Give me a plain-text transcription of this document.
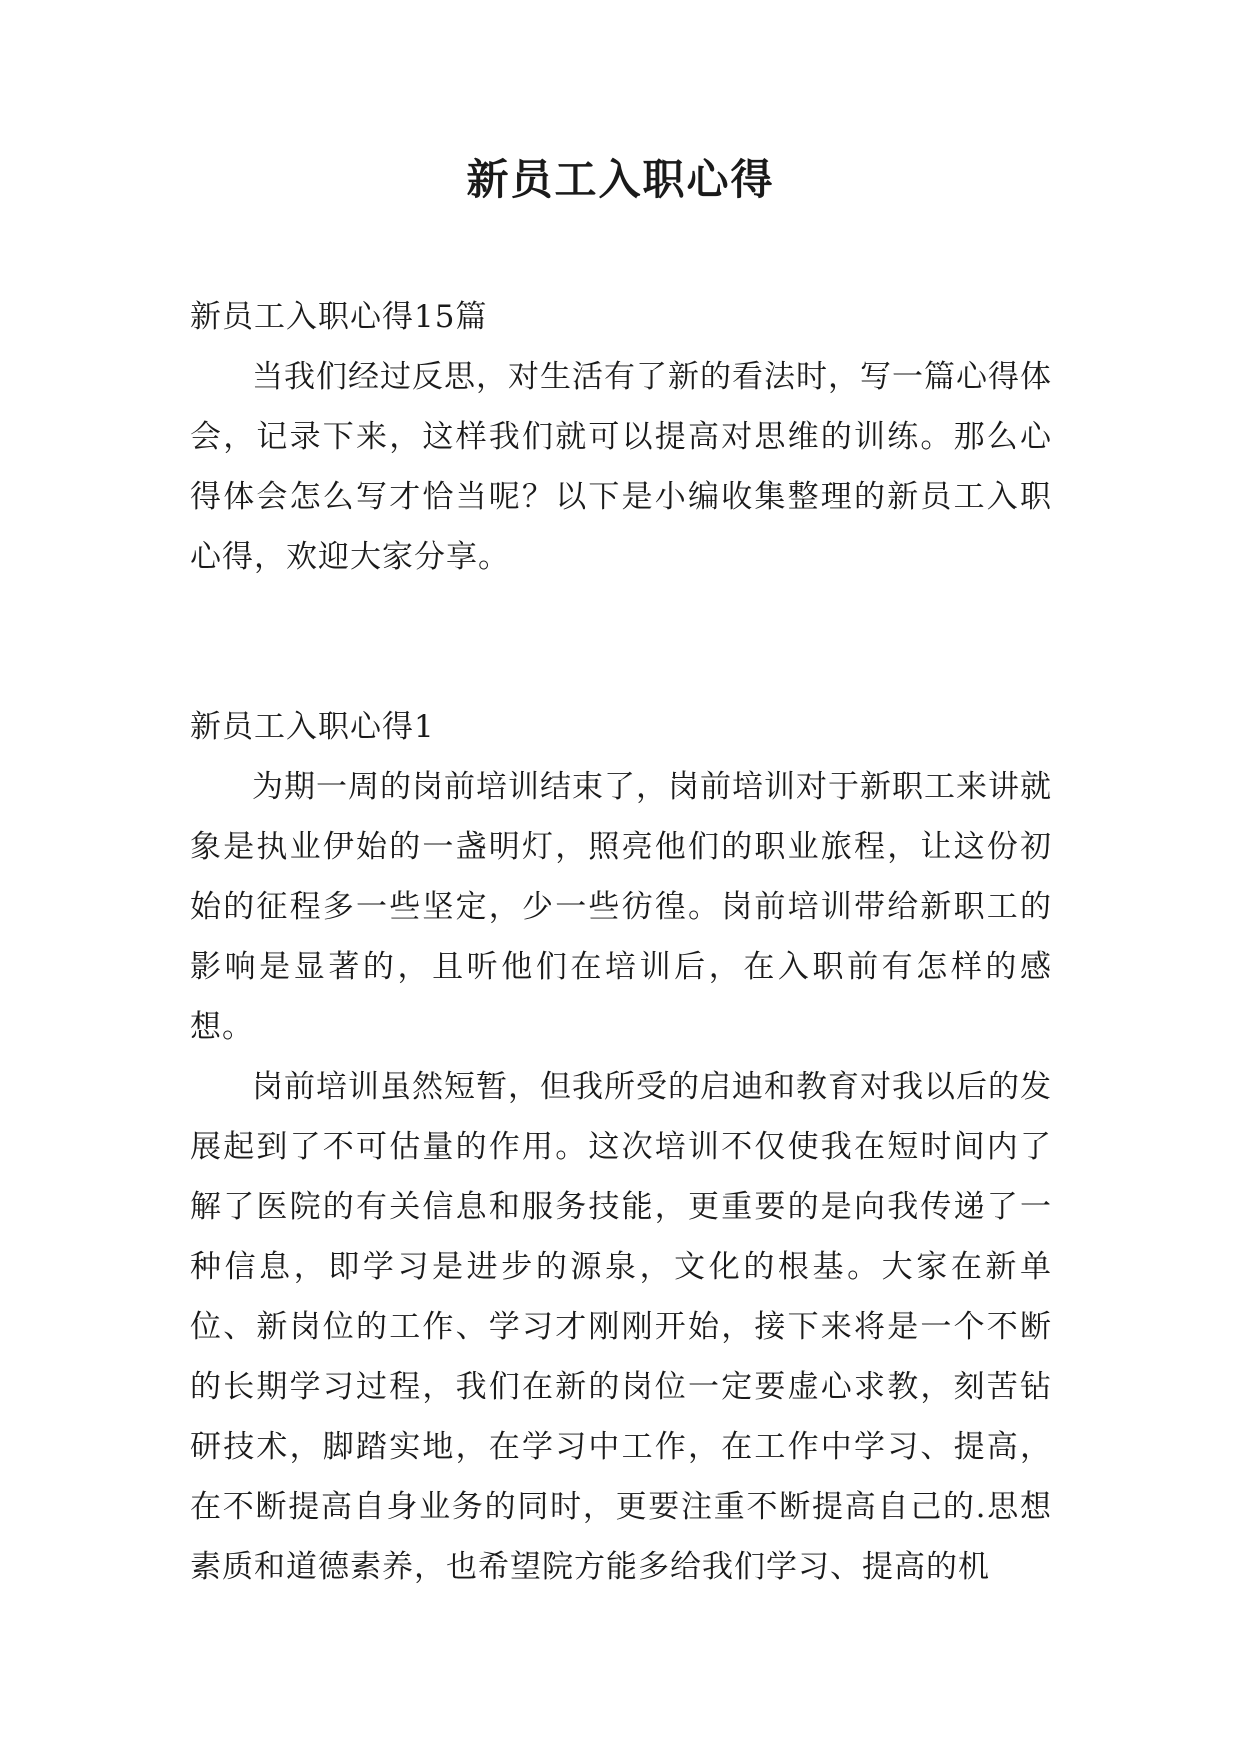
新员工入职心得

新员工入职心得15篇

当我们经过反思，对生活有了新的看法时，写一篇心得体会，记录下来，这样我们就可以提高对思维的训练。那么心得体会怎么写才恰当呢？以下是小编收集整理的新员工入职心得，欢迎大家分享。

新员工入职心得1

为期一周的岗前培训结束了，岗前培训对于新职工来讲就象是执业伊始的一盏明灯，照亮他们的职业旅程，让这份初始的征程多一些坚定，少一些彷徨。岗前培训带给新职工的影响是显著的，且听他们在培训后，在入职前有怎样的感想。

岗前培训虽然短暂，但我所受的启迪和教育对我以后的发展起到了不可估量的作用。这次培训不仅使我在短时间内了解了医院的有关信息和服务技能，更重要的是向我传递了一种信息，即学习是进步的源泉，文化的根基。大家在新单位、新岗位的工作、学习才刚刚开始，接下来将是一个不断的长期学习过程，我们在新的岗位一定要虚心求教，刻苦钻研技术，脚踏实地，在学习中工作，在工作中学习、提高，在不断提高自身业务的同时，更要注重不断提高自己的.思想素质和道德素养，也希望院方能多给我们学习、提高的机
